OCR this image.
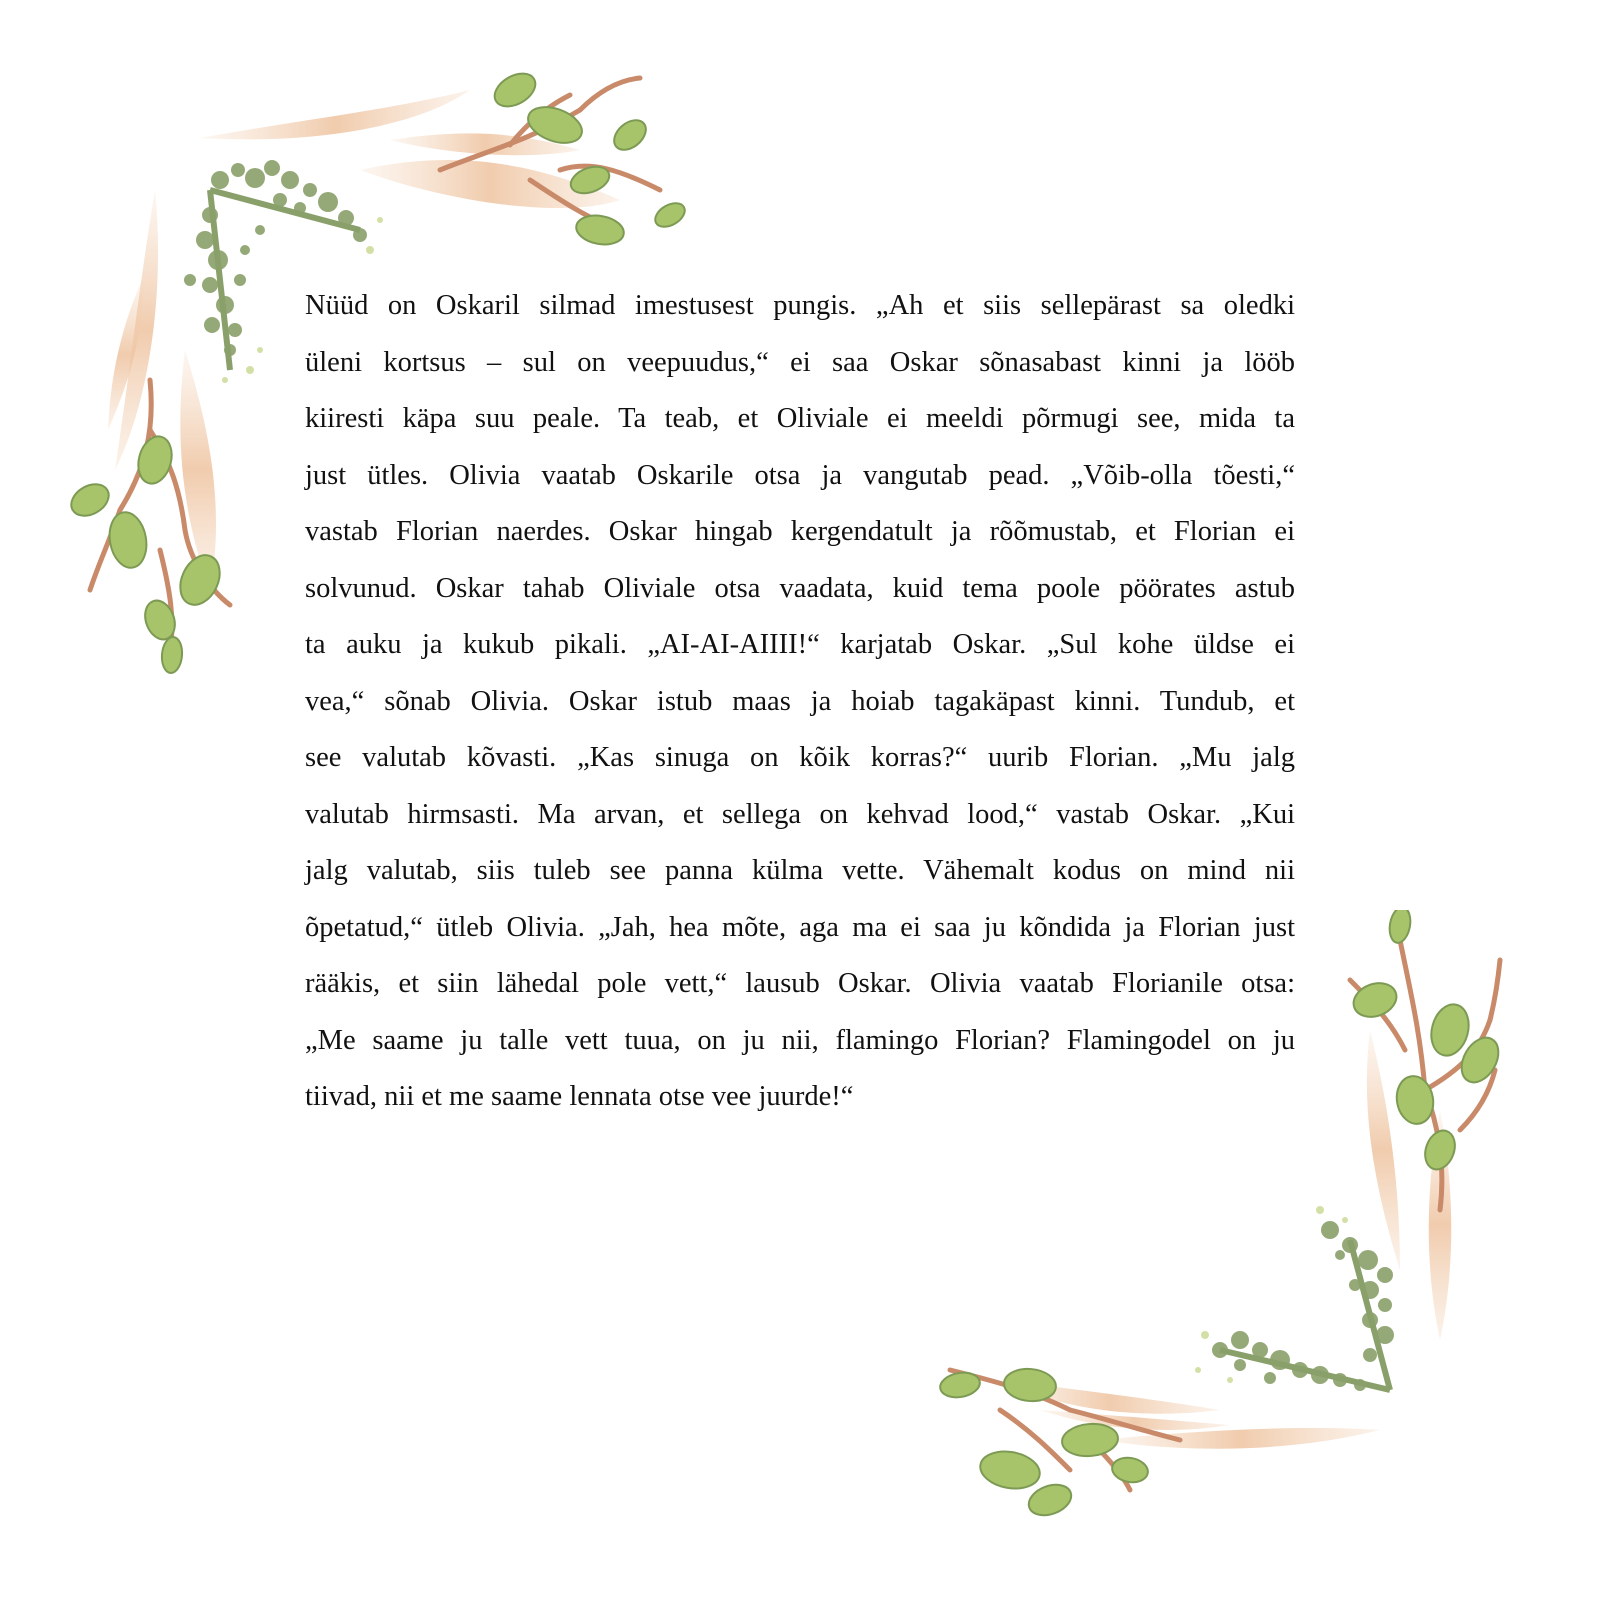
Nüüd on Oskaril silmad imestusest pungis. „Ah et siis sellepärast sa oledki
üleni kortsus – sul on veepuudus,“ ei saa Oskar sõnasabast kinni ja lööb
kiiresti käpa suu peale. Ta teab, et Oliviale ei meeldi põrmugi see, mida ta
just ütles. Olivia vaatab Oskarile otsa ja vangutab pead. „Võib-olla tõesti,“
vastab Florian naerdes. Oskar hingab kergendatult ja rõõmustab, et Florian ei
solvunud. Oskar tahab Oliviale otsa vaadata, kuid tema poole pöörates astub
ta auku ja kukub pikali. „AI-AI-AIIII!“ karjatab Oskar. „Sul kohe üldse ei
vea,“ sõnab Olivia. Oskar istub maas ja hoiab tagakäpast kinni. Tundub, et
see valutab kõvasti. „Kas sinuga on kõik korras?“ uurib Florian. „Mu jalg
valutab hirmsasti. Ma arvan, et sellega on kehvad lood,“ vastab Oskar. „Kui
jalg valutab, siis tuleb see panna külma vette. Vähemalt kodus on mind nii
õpetatud,“ ütleb Olivia. „Jah, hea mõte, aga ma ei saa ju kõndida ja Florian just
rääkis, et siin lähedal pole vett,“ lausub Oskar. Olivia vaatab Florianile otsa:
„Me saame ju talle vett tuua, on ju nii, flamingo Florian? Flamingodel on ju
tiivad, nii et me saame lennata otse vee juurde!“
